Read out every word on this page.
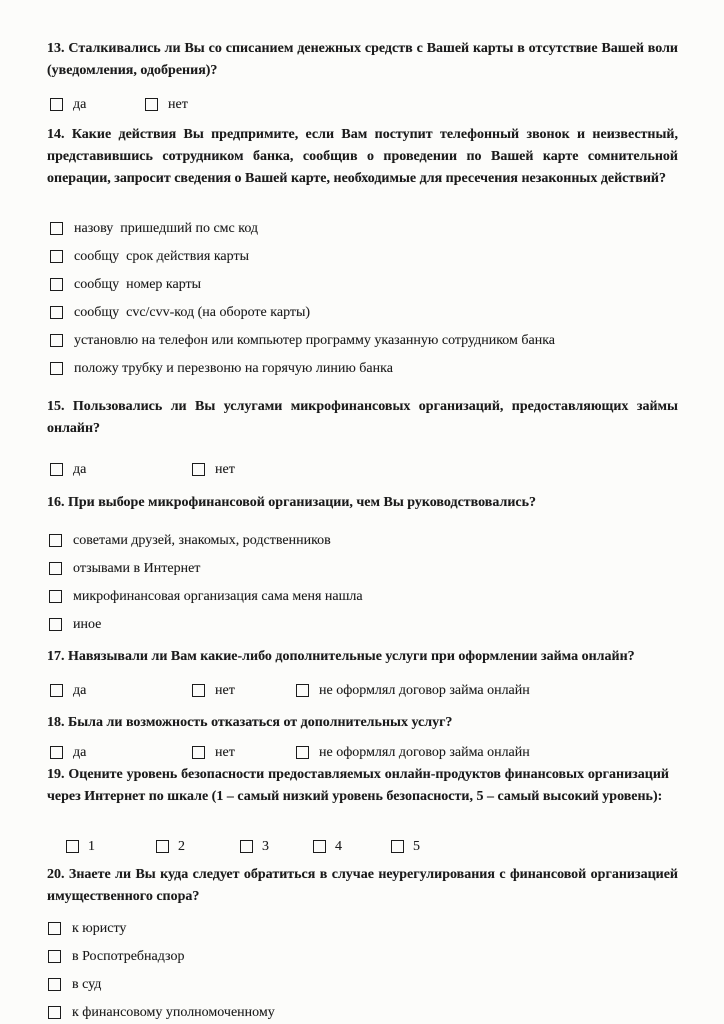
13. Сталкивались ли Вы со списанием денежных средств с Вашей карты в отсутствие Вашей воли (уведомления, одобрения)?
да	нет
14. Какие действия Вы предпримите, если Вам поступит телефонный звонок и неизвестный, представившись сотрудником банка, сообщив о проведении по Вашей карте сомнительной операции, запросит сведения о Вашей карте, необходимые для пресечения незаконных действий?
назову  пришедший по смс код
сообщу  срок действия карты
сообщу  номер карты
сообщу  cvc/cvv-код (на обороте карты)
установлю на телефон или компьютер программу указанную сотрудником банка
положу трубку и перезвоню на горячую линию банка
15. Пользовались ли Вы услугами микрофинансовых организаций, предоставляющих займы онлайн?
да	нет
16. При выборе микрофинансовой организации, чем Вы руководствовались?
советами друзей, знакомых, родственников
отзывами в Интернет
микрофинансовая организация сама меня нашла
иное
17. Навязывали ли Вам какие-либо дополнительные услуги при оформлении займа онлайн?
да	нет	не оформлял договор займа онлайн
18. Была ли возможность отказаться от дополнительных услуг?
да	нет	не оформлял договор займа онлайн
19. Оцените уровень безопасности предоставляемых онлайн-продуктов финансовых организаций через Интернет по шкале (1 – самый низкий уровень безопасности, 5 – самый высокий уровень):
1	2	3	4	5
20. Знаете ли Вы куда следует обратиться в случае неурегулирования с финансовой организацией имущественного спора?
к юристу
в Роспотребнадзор
в суд
к финансовому уполномоченному
